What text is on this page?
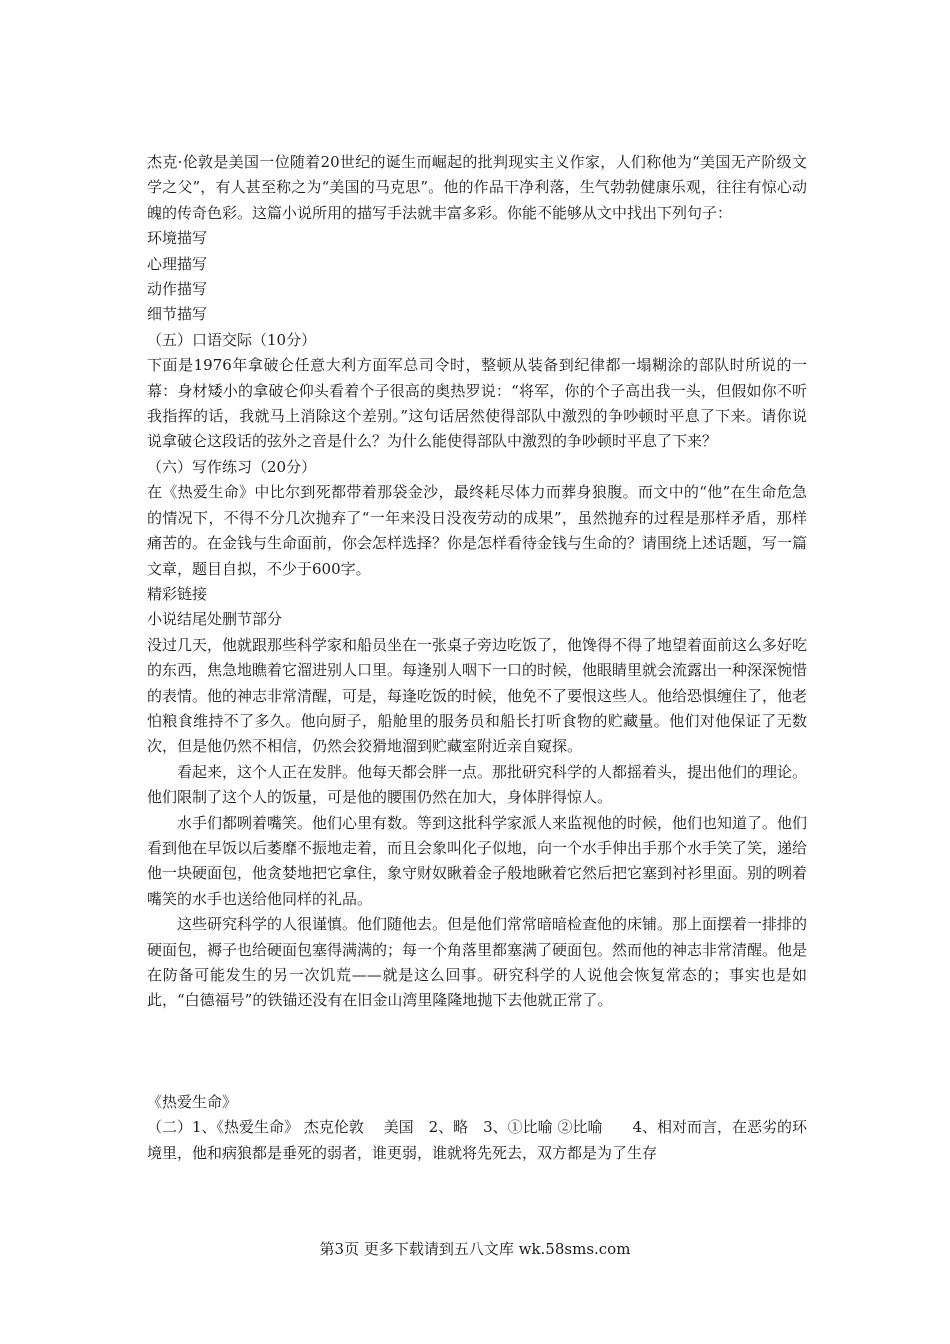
杰克·伦敦是美国一位随着20世纪的诞生而崛起的批判现实主义作家，人们称他为“美国无产阶级文学之父”，有人甚至称之为“美国的马克思”。他的作品干净利落，生气勃勃健康乐观，往往有惊心动魄的传奇色彩。这篇小说所用的描写手法就丰富多彩。你能不能够从文中找出下列句子：

环境描写

心理描写

动作描写

细节描写

（五）口语交际（10分）

下面是1976年拿破仑任意大利方面军总司令时，整顿从装备到纪律都一塌糊涂的部队时所说的一幕：身材矮小的拿破仑仰头看着个子很高的奥热罗说：“将军，你的个子高出我一头，但假如你不听我指挥的话，我就马上消除这个差别。”这句话居然使得部队中激烈的争吵顿时平息了下来。请你说说拿破仑这段话的弦外之音是什么？为什么能使得部队中激烈的争吵顿时平息了下来？

（六）写作练习（20分）

在《热爱生命》中比尔到死都带着那袋金沙，最终耗尽体力而葬身狼腹。而文中的“他”在生命危急的情况下，不得不分几次抛弃了“一年来没日没夜劳动的成果”，虽然抛弃的过程是那样矛盾，那样痛苦的。在金钱与生命面前，你会怎样选择？你是怎样看待金钱与生命的？请围绕上述话题，写一篇文章，题目自拟，不少于600字。

精彩链接

小说结尾处删节部分

没过几天，他就跟那些科学家和船员坐在一张桌子旁边吃饭了，他馋得不得了地望着面前这么多好吃的东西，焦急地瞧着它溜进别人口里。每逢别人咽下一口的时候，他眼睛里就会流露出一种深深惋惜的表情。他的神志非常清醒，可是，每逢吃饭的时候，他免不了要恨这些人。他给恐惧缠住了，他老怕粮食维持不了多久。他向厨子，船舱里的服务员和船长打听食物的贮藏量。他们对他保证了无数次，但是他仍然不相信，仍然会狡猾地溜到贮藏室附近亲自窥探。

看起来，这个人正在发胖。他每天都会胖一点。那批研究科学的人都摇着头，提出他们的理论。他们限制了这个人的饭量，可是他的腰围仍然在加大，身体胖得惊人。

水手们都咧着嘴笑。他们心里有数。等到这批科学家派人来监视他的时候，他们也知道了。他们看到他在早饭以后萎靡不振地走着，而且会象叫化子似地，向一个水手伸出手那个水手笑了笑，递给他一块硬面包，他贪婪地把它拿住，象守财奴瞅着金子般地瞅着它然后把它塞到衬衫里面。别的咧着嘴笑的水手也送给他同样的礼品。

这些研究科学的人很谨慎。他们随他去。但是他们常常暗暗检查他的床铺。那上面摆着一排排的硬面包，褥子也给硬面包塞得满满的；每一个角落里都塞满了硬面包。然而他的神志非常清醒。他是在防备可能发生的另一次饥荒——就是这么回事。研究科学的人说他会恢复常态的；事实也是如此，“白德福号”的铁锚还没有在旧金山湾里隆隆地抛下去他就正常了。

《热爱生命》

（二）1、《热爱生命》 杰克伦敦　 美国　2、略　3、①比喻 ②比喻　　4、相对而言，在恶劣的环境里，他和病狼都是垂死的弱者，谁更弱，谁就将先死去，双方都是为了生存

第3页 更多下载请到五八文库 wk.58sms.com
